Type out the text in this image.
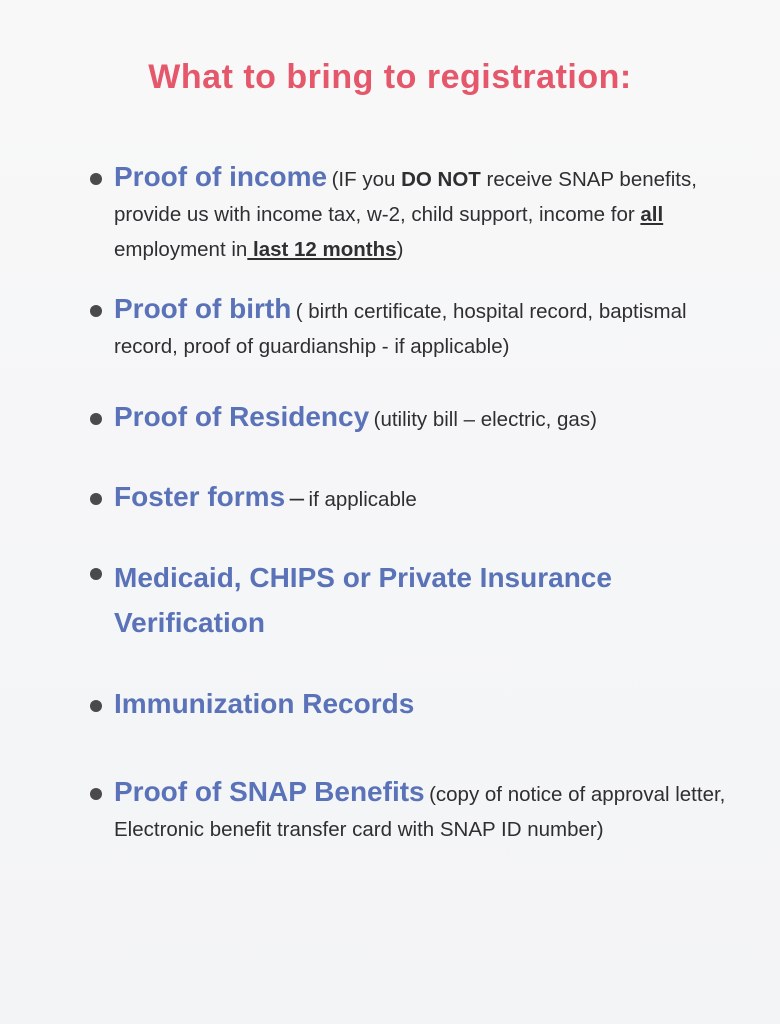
What to bring to registration:
Proof of income (IF you DO NOT receive SNAP benefits, provide us with income tax, w-2, child support, income for all employment in last 12 months)
Proof of birth ( birth certificate, hospital record, baptismal record, proof of guardianship - if applicable)
Proof of Residency (utility bill – electric, gas)
Foster forms – if applicable
Medicaid, CHIPS or Private Insurance
Verification
Immunization Records
Proof of SNAP Benefits (copy of notice of approval letter, Electronic benefit transfer card with SNAP ID number)
